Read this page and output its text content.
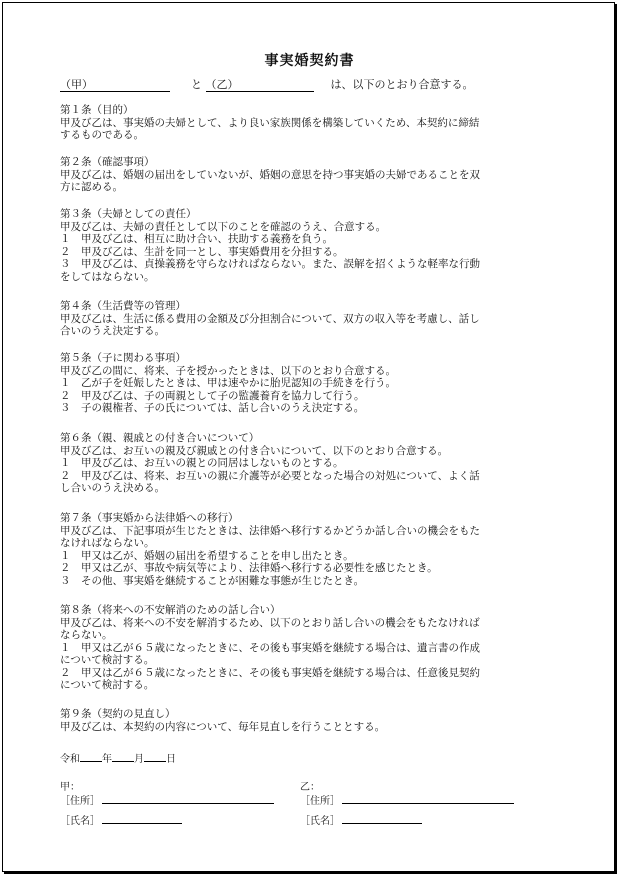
事実婚契約書
（甲）	と （乙）	は、以下のとおり合意する。

第１条（目的）

甲及び乙は、事実婚の夫婦として、より良い家族関係を構築していくため、本契約に締結

するものである。

第２条（確認事項）

甲及び乙は、婚姻の届出をしていないが、婚姻の意思を持つ事実婚の夫婦であることを双

方に認める。

第３条（夫婦としての責任）

甲及び乙は、夫婦の責任として以下のことを確認のうえ、合意する。

１　甲及び乙は、相互に助け合い、扶助する義務を負う。

２　甲及び乙は、生計を同一とし、事実婚費用を分担する。

３　甲及び乙は、貞操義務を守らなければならない。また、誤解を招くような軽率な行動

をしてはならない。

第４条（生活費等の管理）

甲及び乙は、生活に係る費用の金額及び分担割合について、双方の収入等を考慮し、話し

合いのうえ決定する。

第５条（子に関わる事項）

甲及び乙の間に、将来、子を授かったときは、以下のとおり合意する。

１　乙が子を妊娠したときは、甲は速やかに胎児認知の手続きを行う。

２　甲及び乙は、子の両親として子の監護養育を協力して行う。

３　子の親権者、子の氏については、話し合いのうえ決定する。

第６条（親、親戚との付き合いについて）

甲及び乙は、お互いの親及び親戚との付き合いについて、以下のとおり合意する。

１　甲及び乙は、お互いの親との同居はしないものとする。

２　甲及び乙は、将来、お互いの親に介護等が必要となった場合の対処について、よく話

し合いのうえ決める。

第７条（事実婚から法律婚への移行）

甲及び乙は、下記事項が生じたときは、法律婚へ移行するかどうか話し合いの機会をもた

なければならない。

１　甲又は乙が、婚姻の届出を希望することを申し出たとき。

２　甲又は乙が、事故や病気等により、法律婚へ移行する必要性を感じたとき。

３　その他、事実婚を継続することが困難な事態が生じたとき。

第８条（将来への不安解消のための話し合い）

甲及び乙は、将来への不安を解消するため、以下のとおり話し合いの機会をもたなければ

ならない。

１　甲又は乙が６５歳になったときに、その後も事実婚を継続する場合は、遺言書の作成

について検討する。

２　甲又は乙が６５歳になったときに、その後も事実婚を継続する場合は、任意後見契約

について検討する。

第９条（契約の見直し）

甲及び乙は、本契約の内容について、毎年見直しを行うこととする。

令和 年 月 日
甲：
［住所］
［氏名］
乙：
［住所］
［氏名］
